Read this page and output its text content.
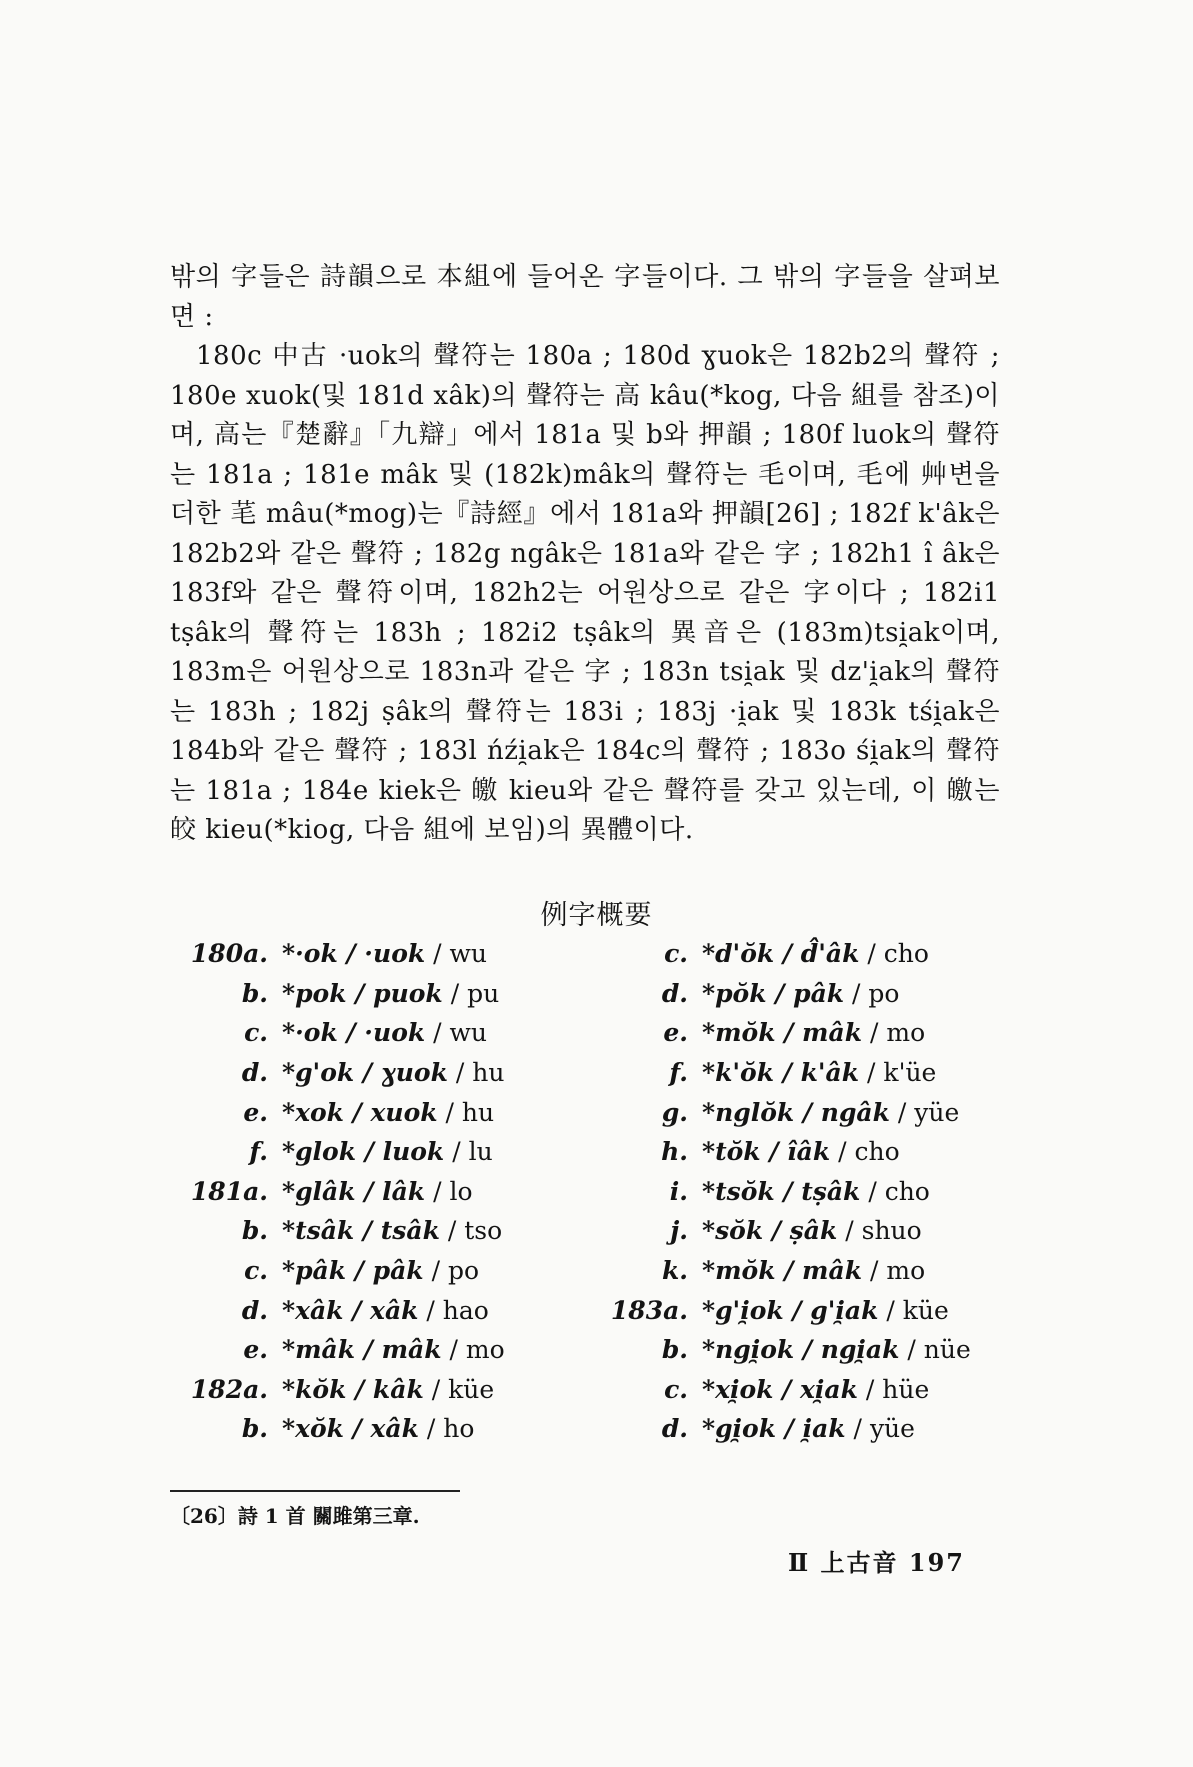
밖의 字들은 詩韻으로 本組에 들어온 字들이다. 그 밖의 字들을 살펴보면 :

180c 中古 ·uok의 聲符는 180a ; 180d ɣuok은 182b2의 聲符 ; 180e xuok(및 181d xâk)의 聲符는 高 kâu(*kog, 다음 組를 참조)이며, 高는『楚辭』「九辯」에서 181a 및 b와 押韻 ; 180f luok의 聲符는 181a ; 181e mâk 및 (182k)mâk의 聲符는 毛이며, 毛에 艸변을 더한 芼 mâu(*mog)는『詩經』에서 181a와 押韻[26] ; 182f k'âk은 182b2와 같은 聲符 ; 182g ngâk은 181a와 같은 字 ; 182h1 î âk은 183f와 같은 聲符이며, 182h2는 어원상으로 같은 字이다 ; 182i1 tṣâk의 聲符는 183h ; 182i2 tṣâk의 異音은 (183m)tsi̯ak이며, 183m은 어원상으로 183n과 같은 字 ; 183n tsi̯ak 및 dz'i̯ak의 聲符는 183h ; 182j ṣâk의 聲符는 183i ; 183j ·i̯ak 및 183k tśi̯ak은 184b와 같은 聲符 ; 183l ńźi̯ak은 184c의 聲符 ; 183o śi̯ak의 聲符는 181a ; 184e kiek은 皦 kieu와 같은 聲符를 갖고 있는데, 이 皦는 皎 kieu(*kiog, 다음 組에 보임)의 異體이다.

例字概要
180a. *·ok / ·uok / wu
b. *pok / puok / pu
c. *·ok / ·uok / wu
d. *g'ok / ɣuok / hu
e. *xok / xuok / hu
f. *glok / luok / lu
181a. *glâk / lâk / lo
b. *tsâk / tsâk / tso
c. *pâk / pâk / po
d. *xâk / xâk / hao
e. *mâk / mâk / mo
182a. *kŏk / kâk / küe
b. *xŏk / xâk / ho
c. *d'ŏk / d̂'âk / cho
d. *pŏk / pâk / po
e. *mŏk / mâk / mo
f. *k'ŏk / k'âk / k'üe
g. *nglŏk / ngâk / yüe
h. *tŏk / îâk / cho
i. *tsŏk / tṣâk / cho
j. *sŏk / ṣâk / shuo
k. *mŏk / mâk / mo
183a. *g'i̯ok / g'i̯ak / küe
b. *ngi̯ok / ngi̯ak / nüe
c. *xi̯ok / xi̯ak / hüe
d. *gi̯ok / i̯ak / yüe
〔26〕詩 1 首 關雎第三章.
Ⅱ 上古音 197
